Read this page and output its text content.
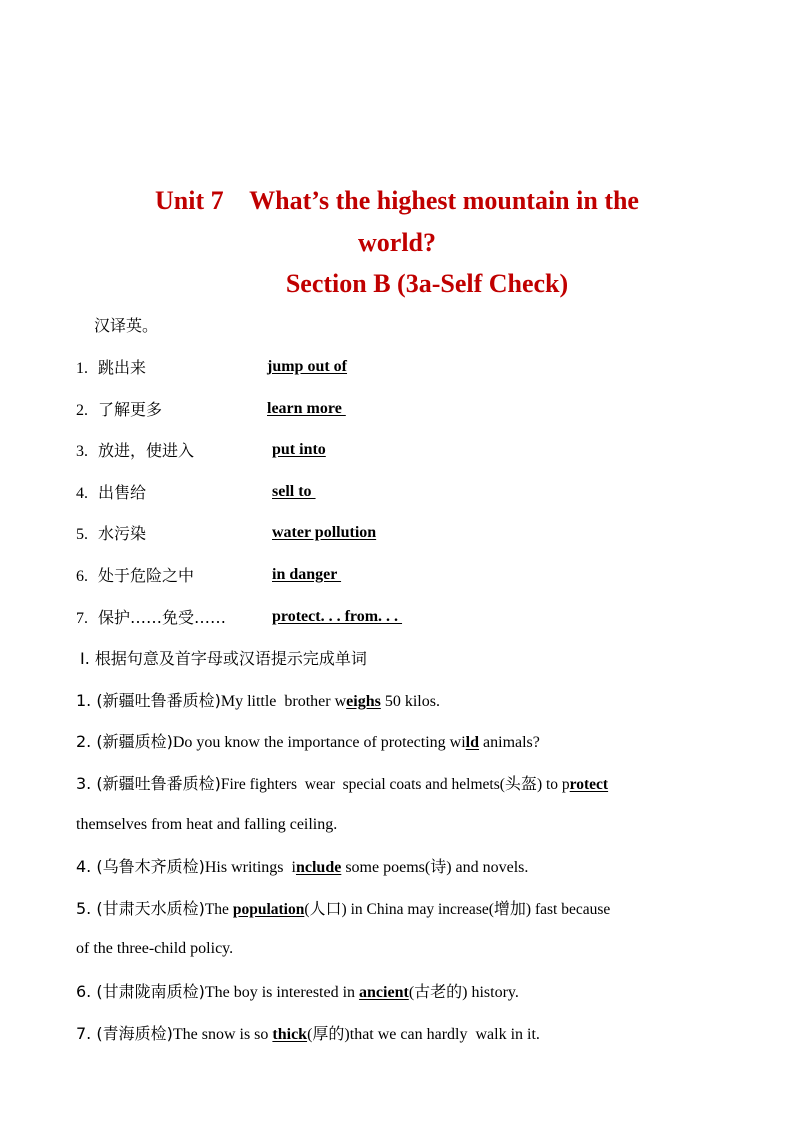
Unit 7    What’s the highest mountain in the
world?
Section B (3a-Self Check)
汉译英。
1. 跳出来	jump out of
2. 了解更多	learn more
3. 放进，使进入	put into
4. 出售给	sell to
5. 水污染	water pollution
6. 处于危险之中	in danger
7. 保护……免受……	protect. . . from. . .
Ⅰ. 根据句意及首字母或汉语提示完成单词
1. (新疆吐鲁番质检)My little  brother weighs 50 kilos.
2. (新疆质检)Do you know the importance of protecting wild animals?
3. (新疆吐鲁番质检)Fire fighters  wear  special coats and helmets(头盔) to protect
themselves from heat and falling ceiling.
4. (乌鲁木齐质检)His writings  include some poems(诗) and novels.
5. (甘肃天水质检)The population(人口) in China may increase(增加) fast because
of the three-child policy.
6. (甘肃陇南质检)The boy is interested in ancient(古老的) history.
7. (青海质检)The snow is so thick(厚的)that we can hardly  walk in it.
